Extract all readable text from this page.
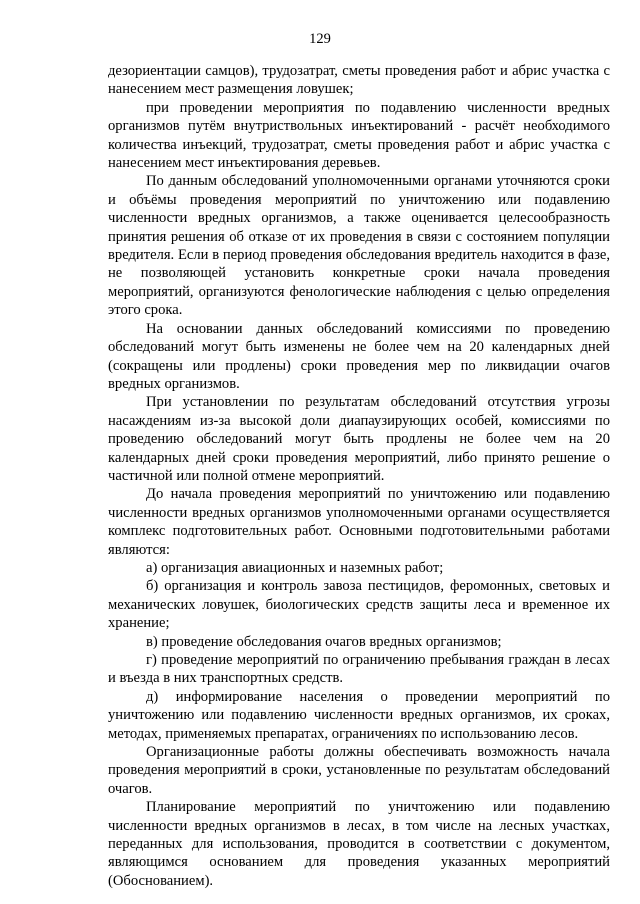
129

дезориентации самцов), трудозатрат, сметы проведения работ и абрис участка с нанесением мест размещения ловушек;

при проведении мероприятия по подавлению численности вредных организмов путём внутриствольных инъектирований - расчёт необходимого количества инъекций, трудозатрат, сметы проведения работ и абрис участка с нанесением мест инъектирования деревьев.

По данным обследований уполномоченными органами уточняются сроки и объёмы проведения мероприятий по уничтожению или подавлению численности вредных организмов, а также оценивается целесообразность принятия решения об отказе от их проведения в связи с состоянием популяции вредителя. Если в период проведения обследования вредитель находится в фазе, не позволяющей установить конкретные сроки начала проведения мероприятий, организуются фенологические наблюдения с целью определения этого срока.

На основании данных обследований комиссиями по проведению обследований могут быть изменены не более чем на 20 календарных дней (сокращены или продлены) сроки проведения мер по ликвидации очагов вредных организмов.

При установлении по результатам обследований отсутствия угрозы насаждениям из-за высокой доли диапаузирующих особей, комиссиями по проведению обследований могут быть продлены не более чем на 20 календарных дней сроки проведения мероприятий, либо принято решение о частичной или полной отмене мероприятий.

До начала проведения мероприятий по уничтожению или подавлению численности вредных организмов уполномоченными органами осуществляется комплекс подготовительных работ. Основными подготовительными работами являются:

а) организация авиационных и наземных работ;

б) организация и контроль завоза пестицидов, феромонных, световых и механических ловушек, биологических средств защиты леса и временное их хранение;

в) проведение обследования очагов вредных организмов;

г) проведение мероприятий по ограничению пребывания граждан в лесах и въезда в них транспортных средств.

д) информирование населения о проведении мероприятий по уничтожению или подавлению численности вредных организмов, их сроках, методах, применяемых препаратах, ограничениях по использованию лесов.

Организационные работы должны обеспечивать возможность начала проведения мероприятий в сроки, установленные по результатам обследований очагов.

Планирование мероприятий по уничтожению или подавлению численности вредных организмов в лесах, в том числе на лесных участках, переданных для использования, проводится в соответствии с документом, являющимся основанием для проведения указанных мероприятий (Обоснованием).
